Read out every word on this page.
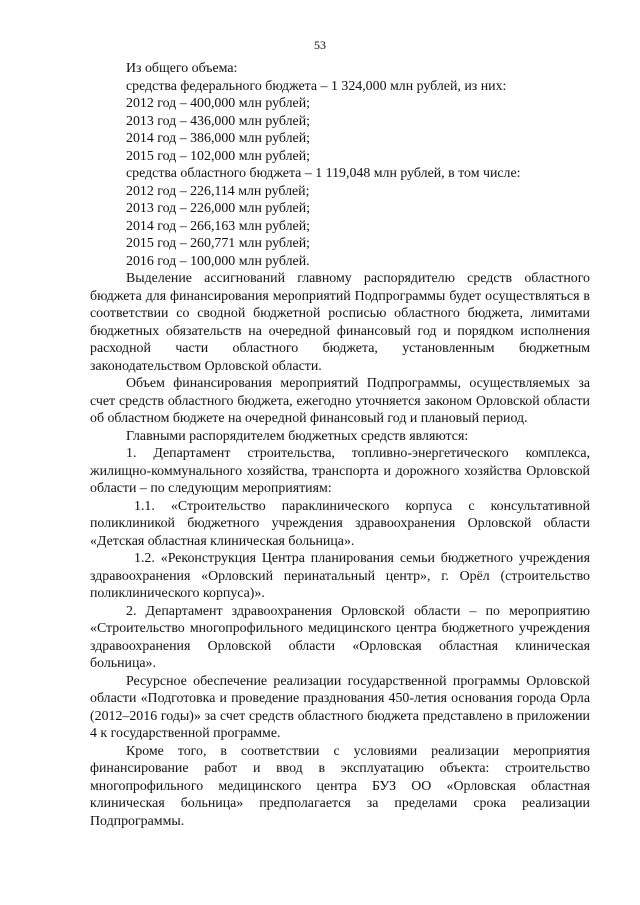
53
Из общего объема:
средства федерального бюджета – 1 324,000 млн рублей, из них:
2012 год – 400,000 млн рублей;
2013 год – 436,000 млн рублей;
2014 год – 386,000 млн рублей;
2015 год – 102,000 млн рублей;
средства областного бюджета – 1 119,048 млн рублей, в том числе:
2012 год – 226,114 млн рублей;
2013 год – 226,000 млн рублей;
2014 год – 266,163 млн рублей;
2015 год – 260,771 млн рублей;
2016 год – 100,000 млн рублей.

Выделение ассигнований главному распорядителю средств областного бюджета для финансирования мероприятий Подпрограммы будет осуществляться в соответствии со сводной бюджетной росписью областного бюджета, лимитами бюджетных обязательств на очередной финансовый год и порядком исполнения расходной части областного бюджета, установленным бюджетным законодательством Орловской области.

Объем финансирования мероприятий Подпрограммы, осуществляемых за счет средств областного бюджета, ежегодно уточняется законом Орловской области об областном бюджете на очередной финансовый год и плановый период.

Главными распорядителем бюджетных средств являются:

1. Департамент строительства, топливно-энергетического комплекса, жилищно-коммунального хозяйства, транспорта и дорожного хозяйства Орловской области – по следующим мероприятиям:

1.1. «Строительство параклинического корпуса с консультативной поликлиникой бюджетного учреждения здравоохранения Орловской области «Детская областная клиническая больница».

1.2. «Реконструкция Центра планирования семьи бюджетного учреждения здравоохранения «Орловский перинатальный центр», г. Орёл (строительство поликлинического корпуса)».

2. Департамент здравоохранения Орловской области – по мероприятию «Строительство многопрофильного медицинского центра бюджетного учреждения здравоохранения Орловской области «Орловская областная клиническая больница».

Ресурсное обеспечение реализации государственной программы Орловской области «Подготовка и проведение празднования 450-летия основания города Орла (2012–2016 годы)» за счет средств областного бюджета представлено в приложении 4 к государственной программе.

Кроме того, в соответствии с условиями реализации мероприятия финансирование работ и ввод в эксплуатацию объекта: строительство многопрофильного медицинского центра БУЗ ОО «Орловская областная клиническая больница» предполагается за пределами срока реализации Подпрограммы.
